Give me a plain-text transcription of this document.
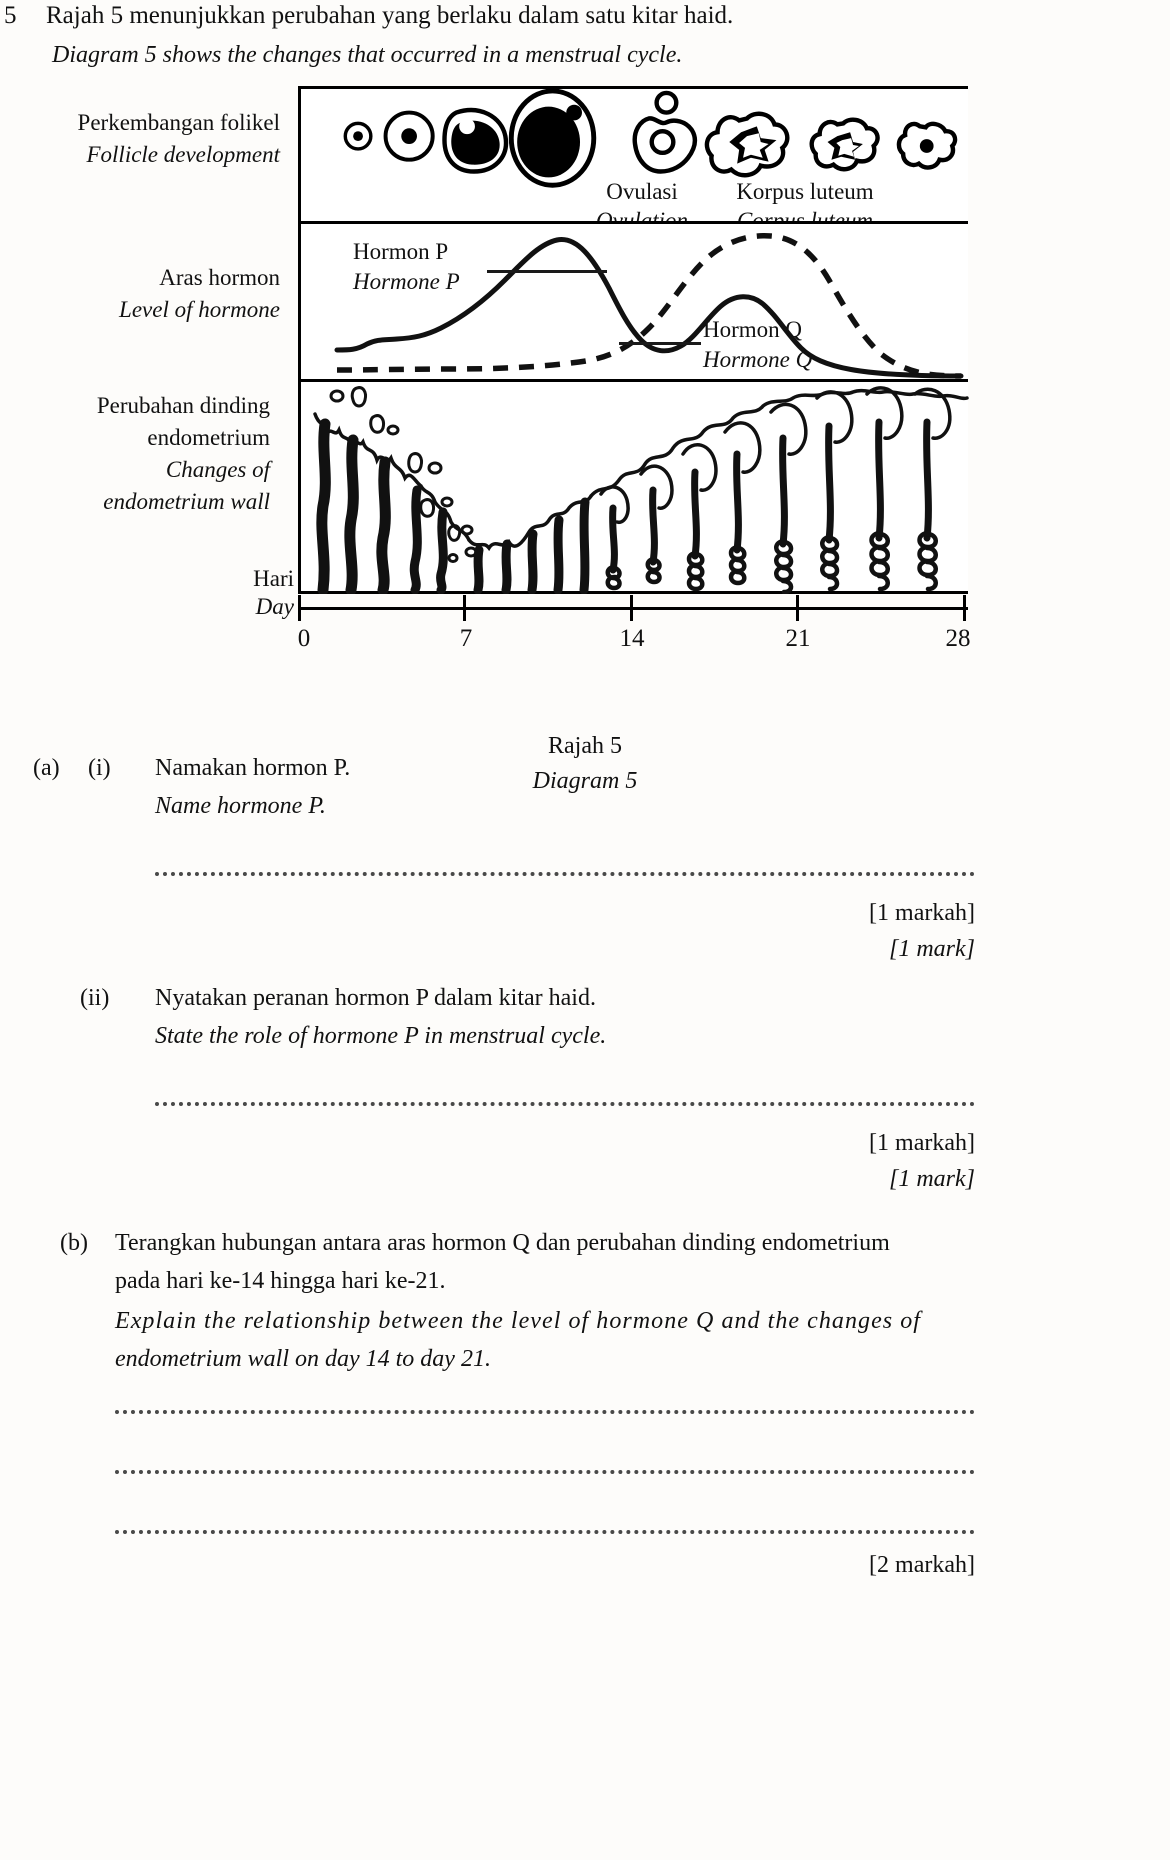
5 Rajah 5 menunjukkan perubahan yang berlaku dalam satu kitar haid.
Diagram 5 shows the changes that occurred in a menstrual cycle.
Perkembangan folikel
Follicle development
Aras hormon
Level of hormone
Perubahan dinding
endometrium
Changes of
endometrium wall
Ovulasi	Korpus luteum
Hormon P
Hormone P
Hormon Q
Hormone Q
Hari
Day
0	7	14	21	28
Rajah 5
Diagram 5
(a) (i) Namakan hormon P.
Name hormone P.
[1 markah]
[1 mark]
(ii) Nyatakan peranan hormon P dalam kitar haid.
State the role of hormone P in menstrual cycle.
[1 markah]
[1 mark]
(b) Terangkan hubungan antara aras hormon Q dan perubahan dinding endometrium
pada hari ke-14 hingga hari ke-21.
Explain the relationship between the level of hormone Q and the changes of
endometrium wall on day 14 to day 21.
[2 markah]
